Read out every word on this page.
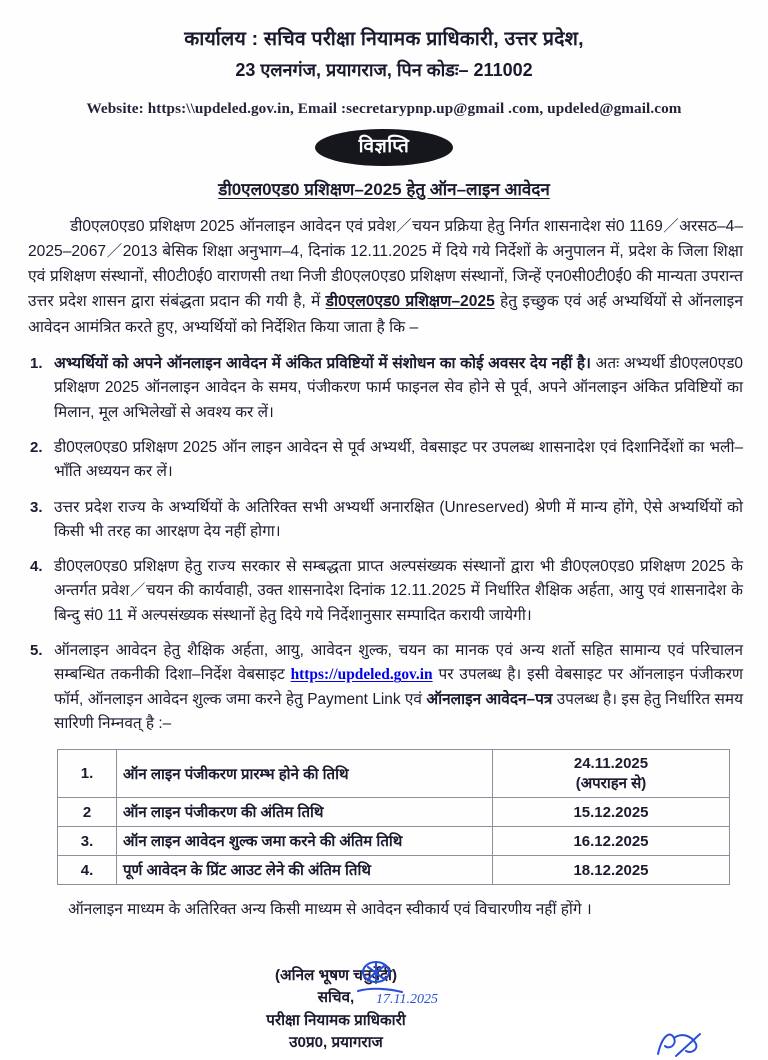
कार्यालय : सचिव परीक्षा नियामक प्राधिकारी, उत्तर प्रदेश,
23 एलनगंज, प्रयागराज, पिन कोडः– 211002
Website: https:\\updeled.gov.in, Email :secretarypnp.up@gmail .com, updeled@gmail.com
विज्ञप्ति
डी0एल0एड0 प्रशिक्षण–2025 हेतु ऑन–लाइन आवेदन

डी0एल0एड0 प्रशिक्षण 2025 ऑनलाइन आवेदन एवं प्रवेश／चयन प्रक्रिया हेतु निर्गत शासनादेश सं0 1169／अरसठ–4–2025–2067／2013 बेसिक शिक्षा अनुभाग–4, दिनांक 12.11.2025 में दिये गये निर्देशों के अनुपालन में, प्रदेश के जिला शिक्षा एवं प्रशिक्षण संस्थानों, सी0टी0ई0 वाराणसी तथा निजी डी0एल0एड0 प्रशिक्षण संस्थानों, जिन्हें एन0सी0टी0ई0 की मान्यता उपरान्त उत्तर प्रदेश शासन द्वारा संबंद्धता प्रदान की गयी है, में डी0एल0एड0 प्रशिक्षण–2025 हेतु इच्छुक एवं अर्ह अभ्यर्थियों से ऑनलाइन आवेदन आमंत्रित करते हुए, अभ्यर्थियों को निर्देशित किया जाता है कि –

1. अभ्यर्थियों को अपने ऑनलाइन आवेदन में अंकित प्रविष्टियों में संशोधन का कोई अवसर देय नहीं है। अतः अभ्यर्थी डी0एल0एड0 प्रशिक्षण 2025 ऑनलाइन आवेदन के समय, पंजीकरण फार्म फाइनल सेव होने से पूर्व, अपने ऑनलाइन अंकित प्रविष्टियों का मिलान, मूल अभिलेखों से अवश्य कर लें।
2. डी0एल0एड0 प्रशिक्षण 2025 ऑन लाइन आवेदन से पूर्व अभ्यर्थी, वेबसाइट पर उपलब्ध शासनादेश एवं दिशानिर्देशों का भली–भॉंति अध्ययन कर लें।
3. उत्तर प्रदेश राज्य के अभ्यर्थियों के अतिरिक्त सभी अभ्यर्थी अनारक्षित (Unreserved) श्रेणी में मान्य होंगे, ऐसे अभ्यर्थियों को किसी भी तरह का आरक्षण देय नहीं होगा।
4. डी0एल0एड0 प्रशिक्षण हेतु राज्य सरकार से सम्बद्धता प्राप्त अल्पसंख्यक संस्थानों द्वारा भी डी0एल0एड0 प्रशिक्षण 2025 के अन्तर्गत प्रवेश／चयन की कार्यवाही, उक्त शासनादेश दिनांक 12.11.2025 में निर्धारित शैक्षिक अर्हता, आयु एवं शासनादेश के बिन्दु सं0 11 में अल्पसंख्यक संस्थानों हेतु दिये गये निर्देशानुसार सम्पादित करायी जायेगी।
5. ऑनलाइन आवेदन हेतु शैक्षिक अर्हता, आयु, आवेदन शुल्क, चयन का मानक एवं अन्य शर्तो सहित सामान्य एवं परिचालन सम्बन्धित तकनीकी दिशा–निर्देश वेबसाइट https://updeled.gov.in पर उपलब्ध है। इसी वेबसाइट पर ऑनलाइन पंजीकरण फॉर्म, ऑनलाइन आवेदन शुल्क जमा करने हेतु Payment Link एवं ऑनलाइन आवेदन–पत्र उपलब्ध है। इस हेतु निर्धारित समय सारिणी निम्नवत् है :–
1.	ऑन लाइन पंजीकरण प्रारम्भ होने की तिथि	24.11.2025
(अपराहन से)

2	ऑन लाइन पंजीकरण की अंतिम तिथि	15.12.2025
3.	ऑन लाइन आवेदन शुल्क जमा करने की अंतिम तिथि	16.12.2025
4.	पूर्ण आवेदन के प्रिंट आउट लेने की अंतिम तिथि	18.12.2025
ऑनलाइन माध्यम के अतिरिक्त अन्य किसी माध्यम से आवेदन स्वीकार्य एवं विचारणीय नहीं होंगे ।
17.11.2025
(अनिल भूषण चतुर्वेदी)
सचिव,
परीक्षा नियामक प्राधिकारी
उ0प्र0, प्रयागराज
